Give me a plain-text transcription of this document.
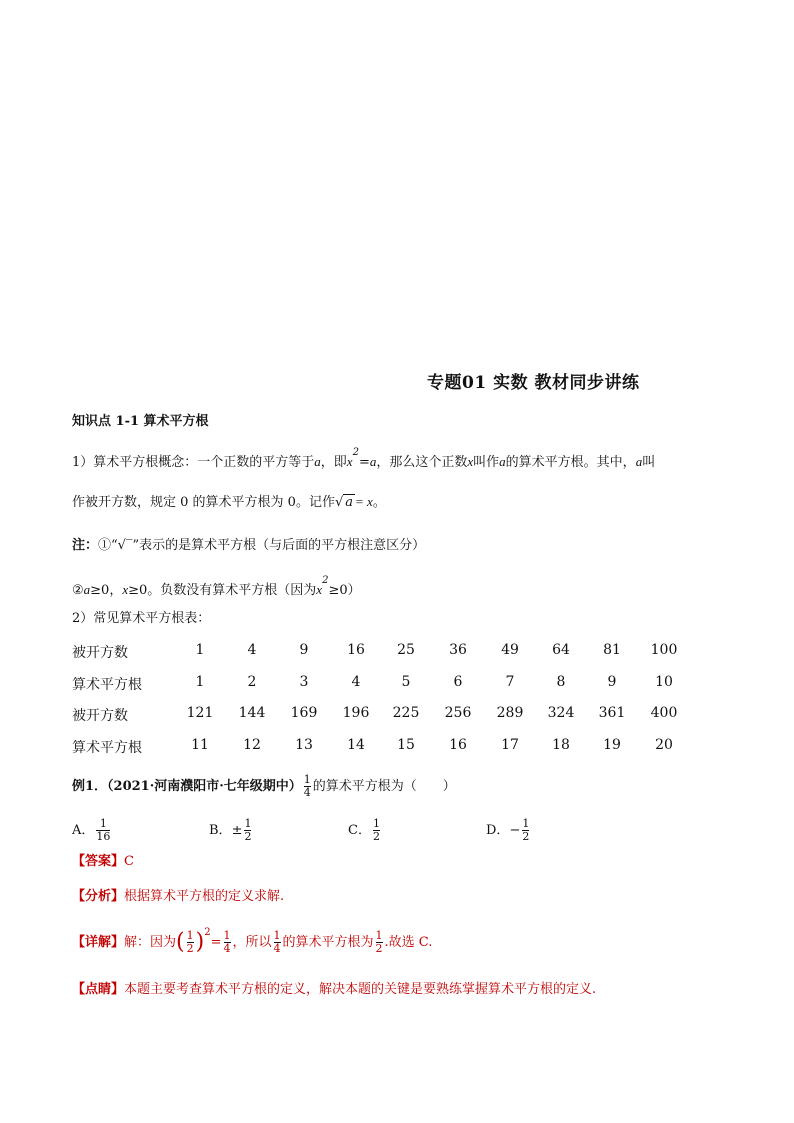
专题01 实数 教材同步讲练
知识点 1-1 算术平方根
1）算术平方根概念：一个正数的平方等于a，即$x^2=a$，那么这个正数x叫作a的算术平方根。其中，a叫
作被开方数，规定 0 的算术平方根为 0。记作√ a = x。
注：①“√‾”表示的是算术平方根（与后面的平方根注意区分）
②a≥0，x≥0。负数没有算术平方根（因为$x^2\ge 0$）
2）常见算术平方根表：
被开方数	1	4	9	16	25	36	49	64	81	100
算术平方根	1	2	3	4	5	6	7	8	9	10
被开方数	121	144	169	196	225	256	289	324	361	400
算术平方根	11	12	13	14	15	16	17	18	19	20
例1．（2021·河南濮阳市·七年级期中） $\frac{1}{4}$ 的算术平方根为（　　）
A． $\frac{1}{16}$	B．± $\frac{1}{2}$	C． $\frac{1}{2}$	D．− $\frac{1}{2}$
【答案】C
【分析】根据算术平方根的定义求解.
【详解】解：因为( $\frac{1}{2} )^2= \frac{1}{4}$ ，所以 $\frac{1}{4}$ 的算术平方根为 $\frac{1}{2}$ .故选 C.
【点睛】本题主要考查算术平方根的定义，解决本题的关键是要熟练掌握算术平方根的定义.
